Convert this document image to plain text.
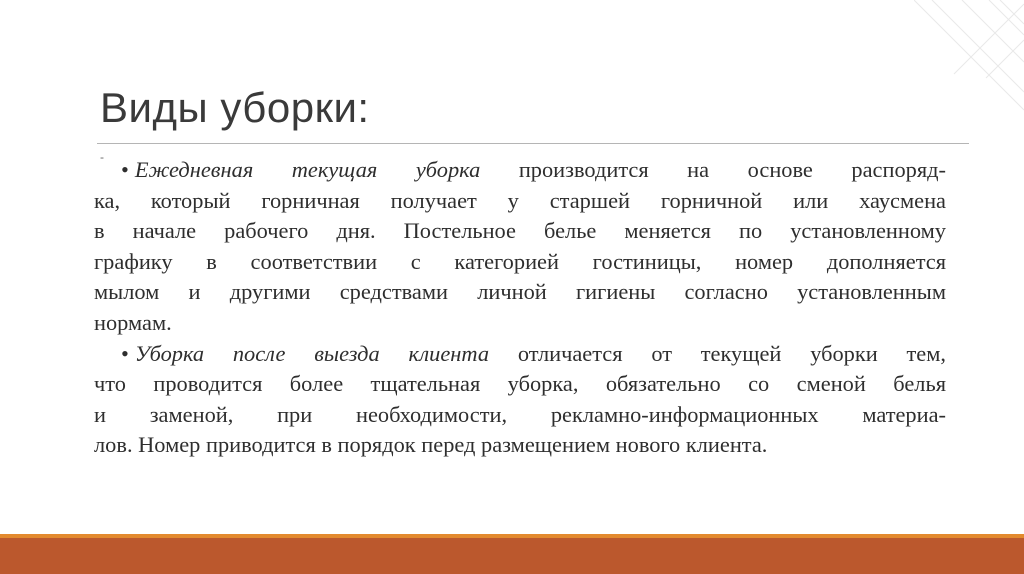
Виды уборки:
- • Ежедневная текущая уборка производится на основе распоряд-
ка, который горничная получает у старшей горничной или хаусмена
в начале рабочего дня. Постельное белье меняется по установленному
графику в соответствии с категорией гостиницы, номер дополняется
мылом и другими средствами личной гигиены согласно установленным
нормам.
• Уборка после выезда клиента отличается от текущей уборки тем,
что проводится более тщательная уборка, обязательно со сменой белья
и заменой, при необходимости, рекламно-информационных материа-
лов. Номер приводится в порядок перед размещением нового клиента.
